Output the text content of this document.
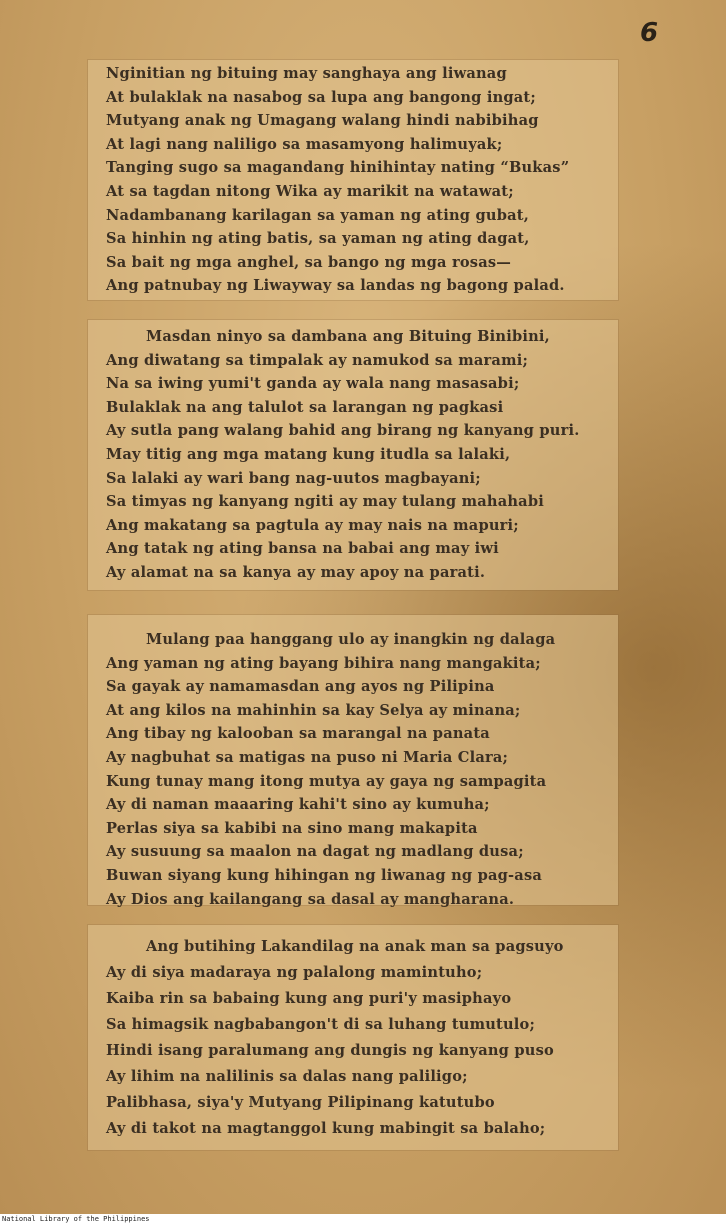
6
Nginitian ng bituing may sanghaya ang liwanag
At bulaklak na nasabog sa lupa ang bangong ingat;
Mutyang anak ng Umagang walang hindi nabibihag
At lagi nang naliligo sa masamyong halimuyak;
Tanging sugo sa magandang hinihintay nating “Bukas”
At sa tagdan nitong Wika ay marikit na watawat;
Nadambanang karilagan sa yaman ng ating gubat,
Sa hinhin ng ating batis, sa yaman ng ating dagat,
Sa bait ng mga anghel, sa bango ng mga rosas—
Ang patnubay ng Liwayway sa landas ng bagong palad.
Masdan ninyo sa dambana ang Bituing Binibini,
Ang diwatang sa timpalak ay namukod sa marami;
Na sa iwing yumi't ganda ay wala nang masasabi;
Bulaklak na ang talulot sa larangan ng pagkasi
Ay sutla pang walang bahid ang birang ng kanyang puri.
May titig ang mga matang kung itudla sa lalaki,
Sa lalaki ay wari bang nag-uutos magbayani;
Sa timyas ng kanyang ngiti ay may tulang mahahabi
Ang makatang sa pagtula ay may nais na mapuri;
Ang tatak ng ating bansa na babai ang may iwi
Ay alamat na sa kanya ay may apoy na parati.
Mulang paa hanggang ulo ay inangkin ng dalaga
Ang yaman ng ating bayang bihira nang mangakita;
Sa gayak ay namamasdan ang ayos ng Pilipina
At ang kilos na mahinhin sa kay Selya ay minana;
Ang tibay ng kalooban sa marangal na panata
Ay nagbuhat sa matigas na puso ni Maria Clara;
Kung tunay mang itong mutya ay gaya ng sampagita
Ay di naman maaaring kahi't sino ay kumuha;
Perlas siya sa kabibi na sino mang makapita
Ay susuung sa maalon na dagat ng madlang dusa;
Buwan siyang kung hihingan ng liwanag ng pag-asa
Ay Dios ang kailangang sa dasal ay mangharana.
Ang butihing Lakandilag na anak man sa pagsuyo
Ay di siya madaraya ng palalong mamintuho;
Kaiba rin sa babaing kung ang puri'y masiphayo
Sa himagsik nagbabangon't di sa luhang tumutulo;
Hindi isang paralumang ang dungis ng kanyang puso
Ay lihim na nalilinis sa dalas nang paliligo;
Palibhasa, siya'y Mutyang Pilipinang katutubo
Ay di takot na magtanggol kung mabingit sa balaho;
National Library of the Philippines
